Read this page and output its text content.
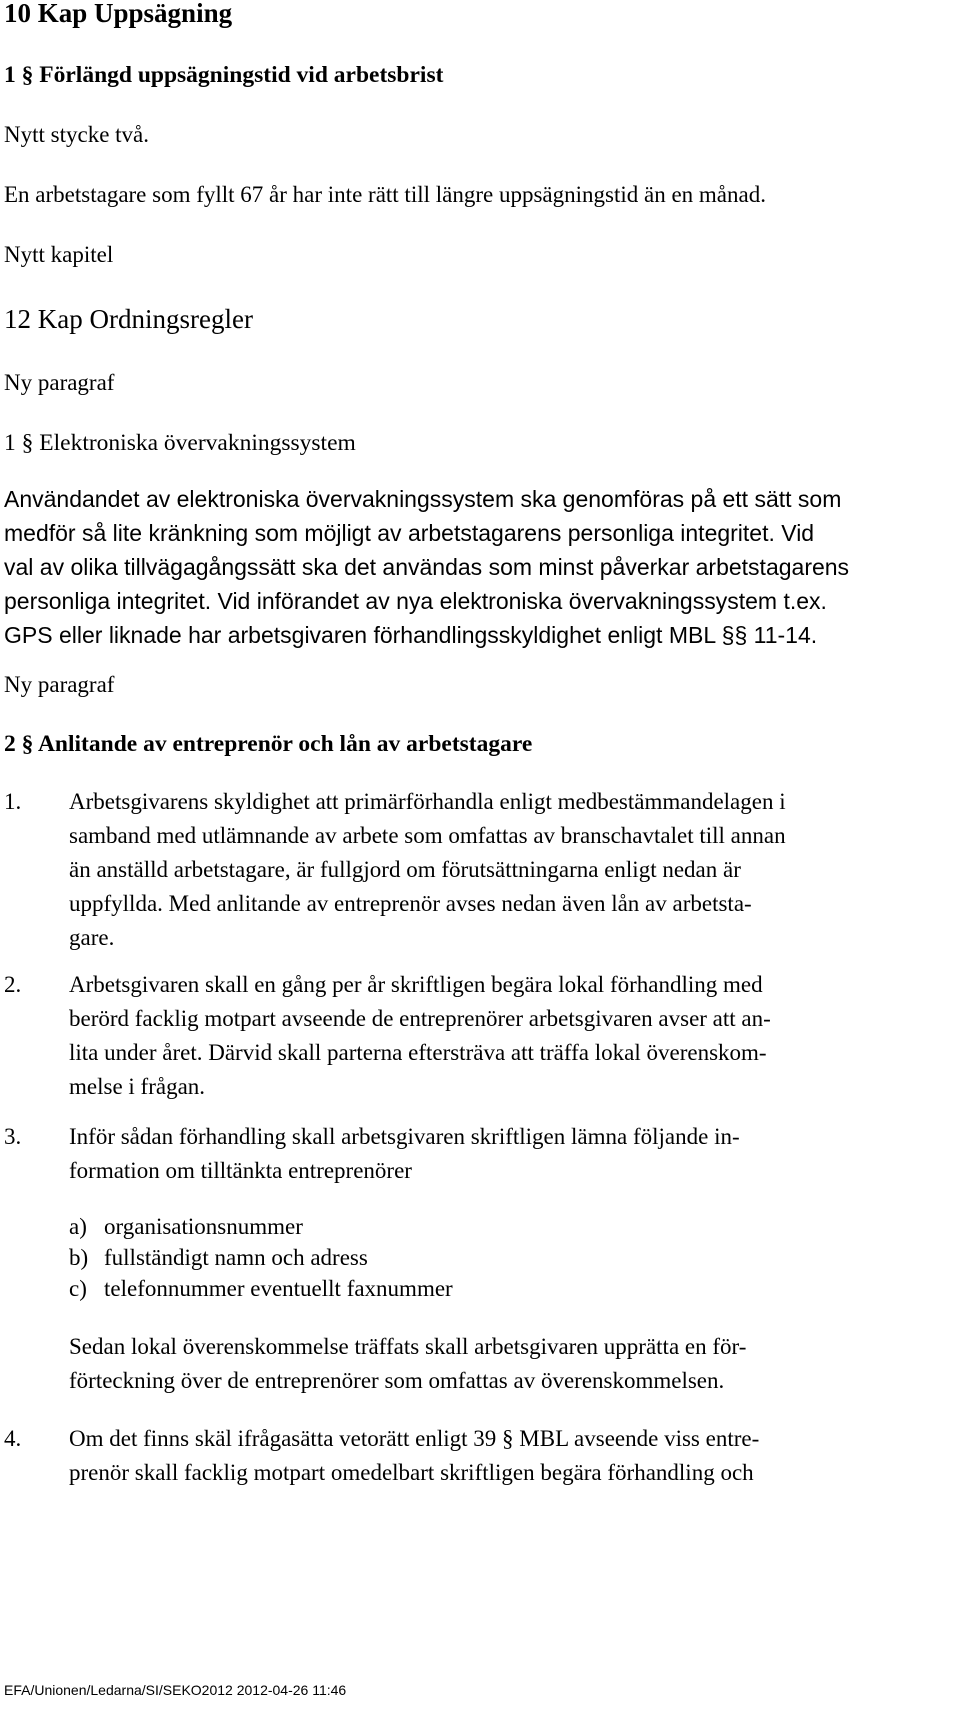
10 Kap Uppsägning
1 § Förlängd uppsägningstid vid arbetsbrist
Nytt stycke två.
En arbetstagare som fyllt 67 år har inte rätt till längre uppsägningstid än en månad.
Nytt kapitel
12 Kap Ordningsregler
Ny paragraf
1 § Elektroniska övervakningssystem
Användandet av elektroniska övervakningssystem ska genomföras på ett sätt som
medför så lite kränkning som möjligt av arbetstagarens personliga integritet. Vid
val av olika tillvägagångssätt ska det användas som minst påverkar arbetstagarens
personliga integritet. Vid införandet av nya elektroniska övervakningssystem t.ex.
GPS eller liknade har arbetsgivaren förhandlingsskyldighet enligt MBL §§ 11-14.
Ny paragraf
2 § Anlitande av entreprenör och lån av arbetstagare
1. Arbetsgivarens skyldighet att primärförhandla enligt medbestämmandelagen i
samband med utlämnande av arbete som omfattas av branschavtalet till annan
än anställd arbetstagare, är fullgjord om förutsättningarna enligt nedan är
uppfyllda. Med anlitande av entreprenör avses nedan även lån av arbetsta-
gare.
2. Arbetsgivaren skall en gång per år skriftligen begära lokal förhandling med
berörd facklig motpart avseende de entreprenörer arbetsgivaren avser att an-
lita under året. Därvid skall parterna eftersträva att träffa lokal överenskom-
melse i frågan.
3. Inför sådan förhandling skall arbetsgivaren skriftligen lämna följande in-
formation om tilltänkta entreprenörer
a) organisationsnummer
b) fullständigt namn och adress
c) telefonnummer eventuellt faxnummer
Sedan lokal överenskommelse träffats skall arbetsgivaren upprätta en för-
förteckning över de entreprenörer som omfattas av överenskommelsen.
4. Om det finns skäl ifrågasätta vetorätt enligt 39 § MBL avseende viss entre-
prenör skall facklig motpart omedelbart skriftligen begära förhandling och
EFA/Unionen/Ledarna/SI/SEKO2012 2012-04-26 11:46
